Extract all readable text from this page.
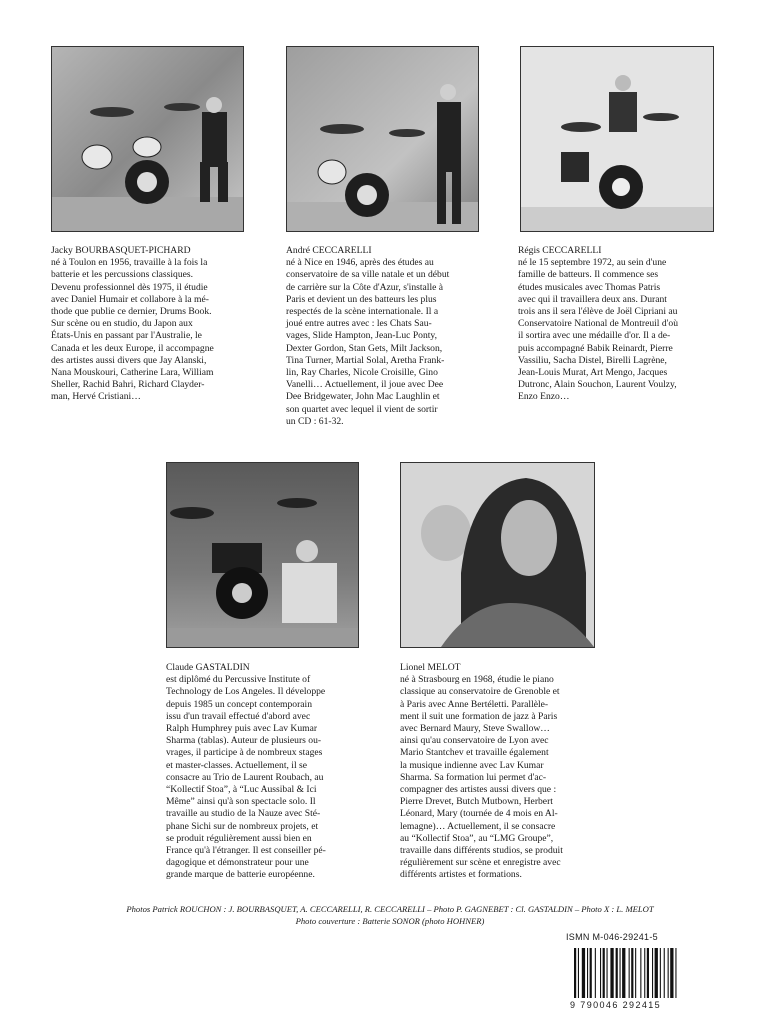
Jacky BOURBASQUET-PICHARD
né à Toulon en 1956, travaille à la fois la
batterie et les percussions classiques.
Devenu professionnel dès 1975, il étudie
avec Daniel Humair et collabore à la mé-
thode que publie ce dernier, Drums Book.
Sur scène ou en studio, du Japon aux
États-Unis en passant par l'Australie, le
Canada et les deux Europe, il accompagne
des artistes aussi divers que Jay Alanski,
Nana Mouskouri, Catherine Lara, William
Sheller, Rachid Bahri, Richard Clayder-
man, Hervé Cristiani…
André CECCARELLI
né à Nice en 1946, après des études au
conservatoire de sa ville natale et un début
de carrière sur la Côte d'Azur, s'installe à
Paris et devient un des batteurs les plus
respectés de la scène internationale. Il a
joué entre autres avec : les Chats Sau-
vages, Slide Hampton, Jean-Luc Ponty,
Dexter Gordon, Stan Gets, Milt Jackson,
Tina Turner, Martial Solal, Aretha Frank-
lin, Ray Charles, Nicole Croisille, Gino
Vanelli… Actuellement, il joue avec Dee
Dee Bridgewater, John Mac Laughlin et
son quartet avec lequel il vient de sortir
un CD : 61-32.
Régis CECCARELLI
né le 15 septembre 1972, au sein d'une
famille de batteurs. Il commence ses
études musicales avec Thomas Patris
avec qui il travaillera deux ans. Durant
trois ans il sera l'élève de Joël Cipriani au
Conservatoire National de Montreuil d'où
il sortira avec une médaille d'or. Il a de-
puis accompagné Babik Reinardt, Pierre
Vassiliu, Sacha Distel, Birelli Lagrène,
Jean-Louis Murat, Art Mengo, Jacques
Dutronc, Alain Souchon, Laurent Voulzy,
Enzo Enzo…
Claude GASTALDIN
est diplômé du Percussive Institute of
Technology de Los Angeles. Il développe
depuis 1985 un concept contemporain
issu d'un travail effectué d'abord avec
Ralph Humphrey puis avec Lav Kumar
Sharma (tablas). Auteur de plusieurs ou-
vrages, il participe à de nombreux stages
et master-classes. Actuellement, il se
consacre au Trio de Laurent Roubach, au
“Kollectif Stoa”, à “Luc Aussibal & Ici
Même” ainsi qu'à son spectacle solo. Il
travaille au studio de la Nauze avec Sté-
phane Sichi sur de nombreux projets, et
se produit régulièrement aussi bien en
France qu'à l'étranger. Il est conseiller pé-
dagogique et démonstrateur pour une
grande marque de batterie européenne.
Lionel MELOT
né à Strasbourg en 1968, étudie le piano
classique au conservatoire de Grenoble et
à Paris avec Anne Bertéletti. Parallèle-
ment il suit une formation de jazz à Paris
avec Bernard Maury, Steve Swallow…
ainsi qu'au conservatoire de Lyon avec
Mario Stantchev et travaille également
la musique indienne avec Lav Kumar
Sharma. Sa formation lui permet d'ac-
compagner des artistes aussi divers que :
Pierre Drevet, Butch Mutbown, Herbert
Léonard, Mary (tournée de 4 mois en Al-
lemagne)… Actuellement, il se consacre
au “Kollectif Stoa”, au “LMG Groupe”,
travaille dans différents studios, se produit
régulièrement sur scène et enregistre avec
différents artistes et formations.
Photos Patrick ROUCHON : J. BOURBASQUET, A. CECCARELLI, R. CECCARELLI – Photo P. GAGNEBET : Cl. GASTALDIN – Photo X : L. MELOT
Photo couverture : Batterie SONOR (photo HOHNER)
ISMN M-046-29241-5
9 790046 292415
